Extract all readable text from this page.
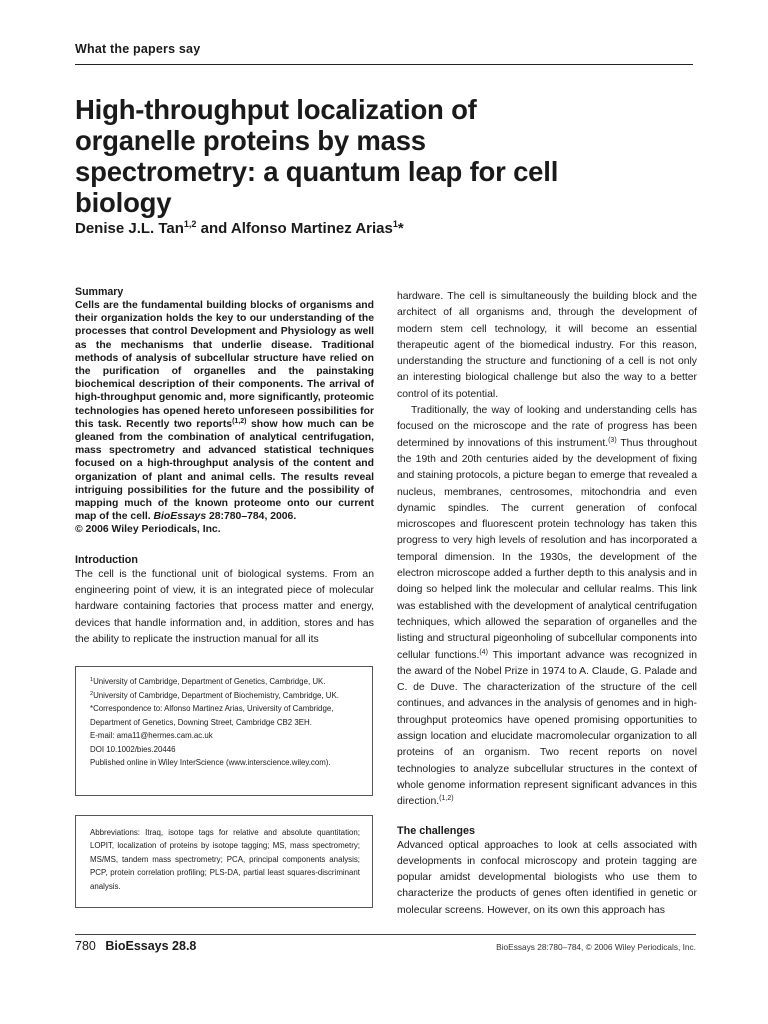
What the papers say
High-throughput localization of organelle proteins by mass spectrometry: a quantum leap for cell biology
Denise J.L. Tan$^{1,2}$ and Alfonso Martinez Arias$^1$*
Summary
Cells are the fundamental building blocks of organisms and their organization holds the key to our understanding of the processes that control Development and Physiology as well as the mechanisms that underlie disease. Traditional methods of analysis of subcellular structure have relied on the purification of organelles and the painstaking biochemical description of their components. The arrival of high-throughput genomic and, more significantly, proteomic technologies has opened hereto unforeseen possibilities for this task. Recently two reports$^{(1,2)}$ show how much can be gleaned from the combination of analytical centrifugation, mass spectrometry and advanced statistical techniques focused on a high-throughput analysis of the content and organization of plant and animal cells. The results reveal intriguing possibilities for the future and the possibility of mapping much of the known proteome onto our current map of the cell. BioEssays 28:780–784, 2006.
© 2006 Wiley Periodicals, Inc.
Introduction
The cell is the functional unit of biological systems. From an engineering point of view, it is an integrated piece of molecular hardware containing factories that process matter and energy, devices that handle information and, in addition, stores and has the ability to replicate the instruction manual for all its
$^1$University of Cambridge, Department of Genetics, Cambridge, UK.
$^2$University of Cambridge, Department of Biochemistry, Cambridge, UK.
*Correspondence to: Alfonso Martinez Arias, University of Cambridge, Department of Genetics, Downing Street, Cambridge CB2 3EH.
E-mail: ama11@hermes.cam.ac.uk
DOI 10.1002/bies.20446
Published online in Wiley InterScience (www.interscience.wiley.com).
Abbreviations: Itraq, isotope tags for relative and absolute quantitation; LOPIT, localization of proteins by isotope tagging; MS, mass spectrometry; MS/MS, tandem mass spectrometry; PCA, principal components analysis; PCP, protein correlation profiling; PLS-DA, partial least squares-discriminant analysis.
hardware. The cell is simultaneously the building block and the architect of all organisms and, through the development of modern stem cell technology, it will become an essential therapeutic agent of the biomedical industry. For this reason, understanding the structure and functioning of a cell is not only an interesting biological challenge but also the way to a better control of its potential.
Traditionally, the way of looking and understanding cells has focused on the microscope and the rate of progress has been determined by innovations of this instrument.$^{(3)}$ Thus throughout the 19th and 20th centuries aided by the development of fixing and staining protocols, a picture began to emerge that revealed a nucleus, membranes, centrosomes, mitochondria and even dynamic spindles. The current generation of confocal microscopes and fluorescent protein technology has taken this progress to very high levels of resolution and has incorporated a temporal dimension. In the 1930s, the development of the electron microscope added a further depth to this analysis and in doing so helped link the molecular and cellular realms. This link was established with the development of analytical centrifugation techniques, which allowed the separation of organelles and the listing and structural pigeonholing of subcellular components into cellular functions.$^{(4)}$ This important advance was recognized in the award of the Nobel Prize in 1974 to A. Claude, G. Palade and C. de Duve. The characterization of the structure of the cell continues, and advances in the analysis of genomes and in high-throughput proteomics have opened promising opportunities to assign location and elucidate macromolecular organization to all proteins of an organism. Two recent reports on novel technologies to analyze subcellular structures in the context of whole genome information represent significant advances in this direction.$^{(1,2)}$
The challenges
Advanced optical approaches to look at cells associated with developments in confocal microscopy and protein tagging are popular amidst developmental biologists who use them to characterize the products of genes often identified in genetic or molecular screens. However, on its own this approach has
780 BioEssays 28.8	BioEssays 28:780–784, © 2006 Wiley Periodicals, Inc.
